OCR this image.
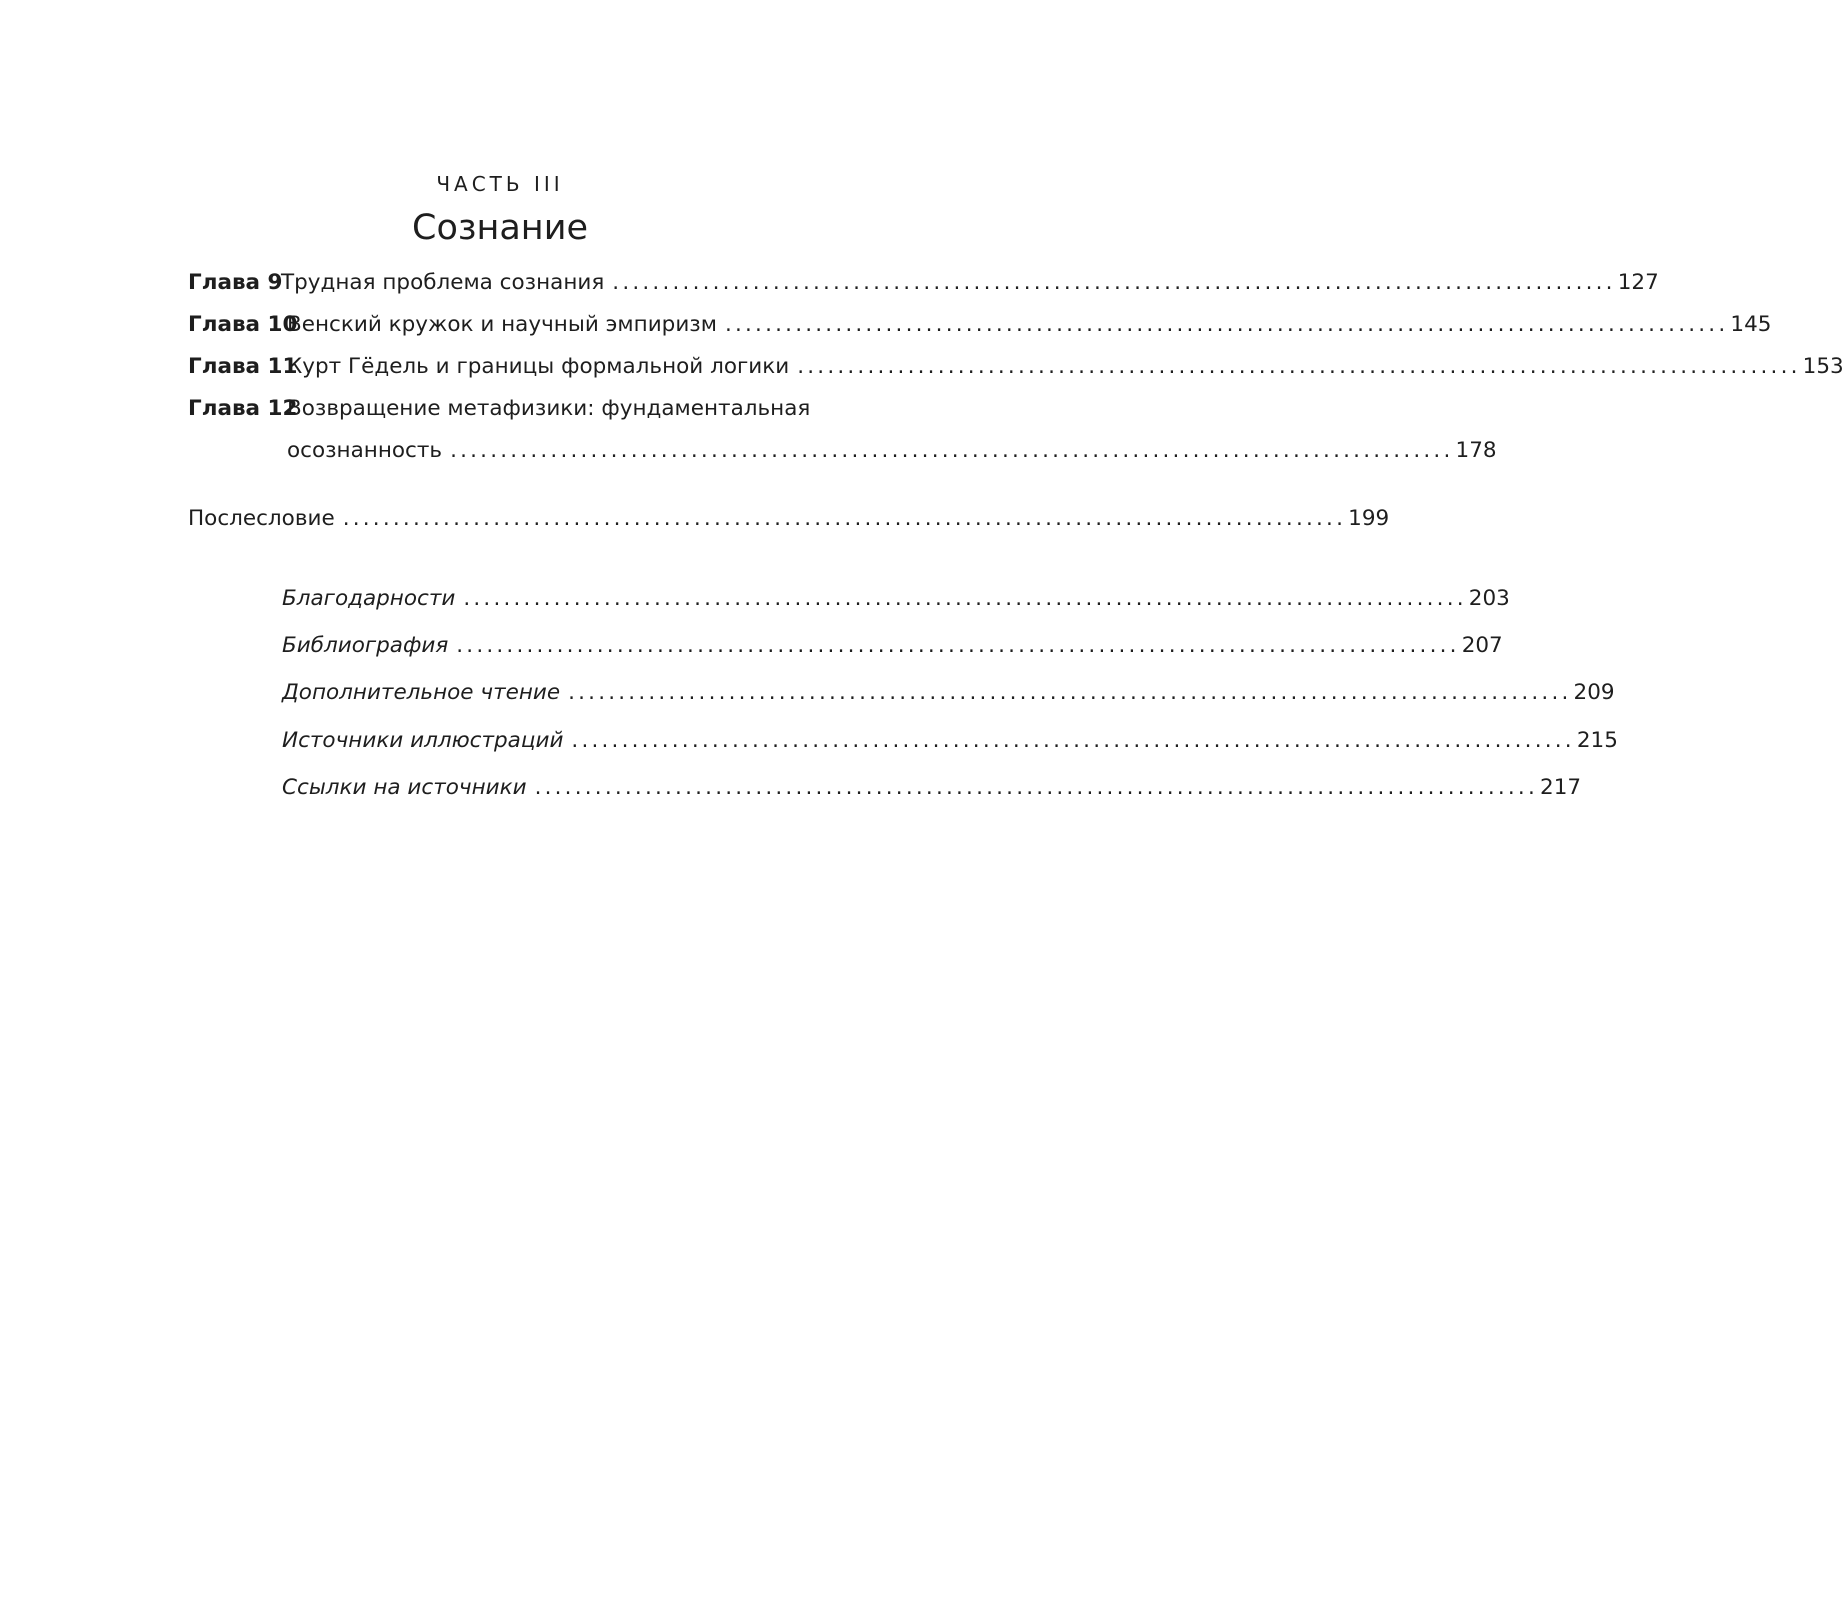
ЧАСТЬ III
Сознание
Глава 9
Трудная проблема сознания .................................................................................................... 127
Глава 10
Венский кружок и научный эмпиризм .................................................................................................... 145
Глава 11
Курт Гёдель и границы формальной логики .................................................................................................... 153
Глава 12
Возвращение метафизики: фундаментальная
осознанность .................................................................................................... 178
Послесловие .................................................................................................... 199
Благодарности .................................................................................................... 203
Библиография .................................................................................................... 207
Дополнительное чтение .................................................................................................... 209
Источники иллюстраций .................................................................................................... 215
Ссылки на источники .................................................................................................... 217
